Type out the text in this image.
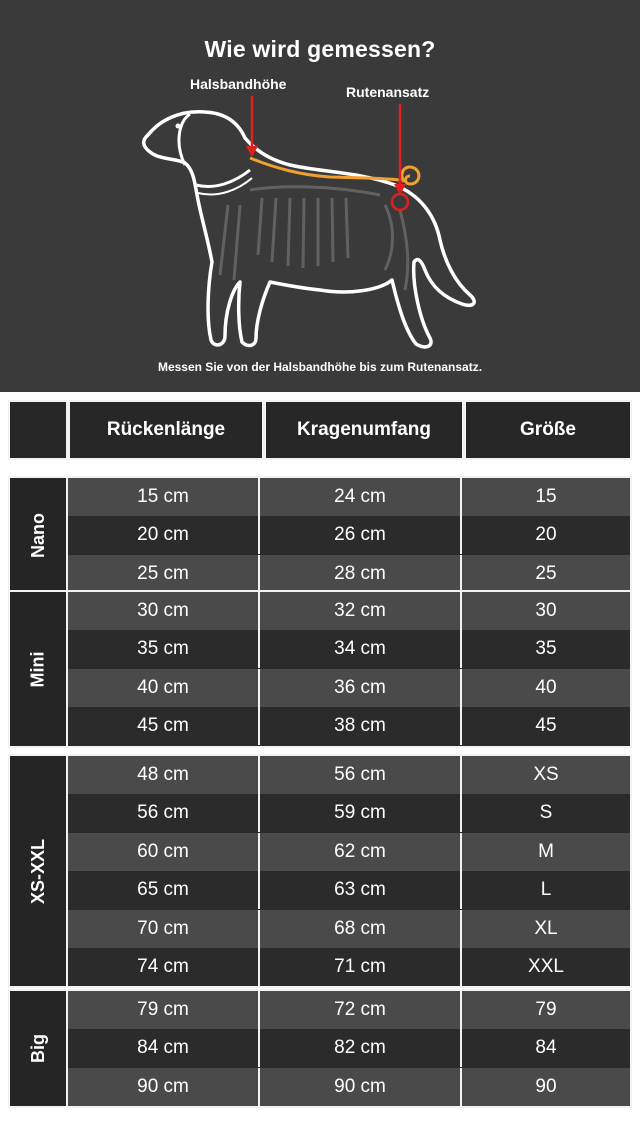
Wie wird gemessen?
Halsbandhöhe	Rutenansatz
Messen Sie von der Halsbandhöhe bis zum Rutenansatz.
Rückenlänge	Kragenumfang	Größe
Nano
15 cm	24 cm	15
20 cm	26 cm	20
25 cm	28 cm	25
Mini
30 cm	32 cm	30
35 cm	34 cm	35
40 cm	36 cm	40
45 cm	38 cm	45
XS-XXL
48 cm	56 cm	XS
56 cm	59 cm	S
60 cm	62 cm	M
65 cm	63 cm	L
70 cm	68 cm	XL
74 cm	71 cm	XXL
Big
79 cm	72 cm	79
84 cm	82 cm	84
90 cm	90 cm	90
